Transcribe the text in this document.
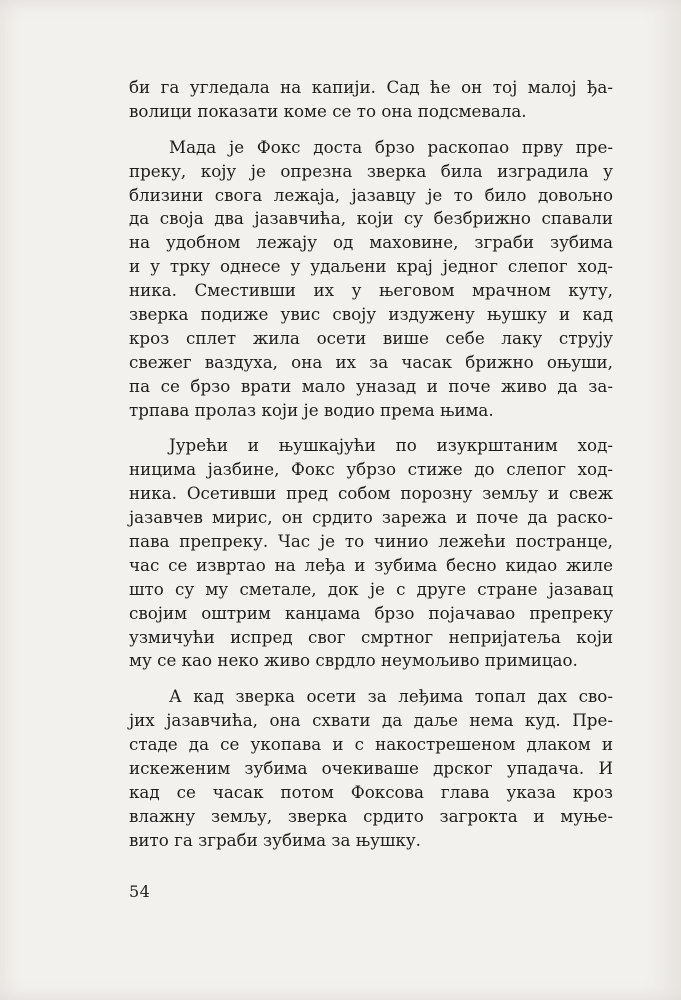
би га угледала на капији. Сад ће он тој малој ђа-
волици показати коме се то она подсмевала.
Мада је Фокс доста брзо раскопао прву пре-
преку, коју је опрезна зверка била изградила у
близини свога лежаја, јазавцу је то било довољно
да своја два јазавчића, који су безбрижно спавали
на удобном лежају од маховине, зграби зубима
и у трку однесе у удаљени крај једног слепог ход-
ника. Сместивши их у његовом мрачном куту,
зверка подиже увис своју издужену њушку и кад
кроз сплет жила осети више себе лаку струју
свежег ваздуха, она их за часак брижно оњуши,
па се брзо врати мало уназад и поче живо да за-
трпава пролаз који је водио према њима.
Јурећи и њушкајући по изукрштаним ход-
ницима јазбине, Фокс убрзо стиже до слепог ход-
ника. Осетивши пред собом порозну земљу и свеж
јазавчев мирис, он срдито зарежа и поче да раско-
пава препреку. Час је то чинио лежећи постранце,
час се извртао на леђа и зубима бесно кидао жиле
што су му сметале, док је с друге стране јазавац
својим оштрим канџама брзо појачавао препреку
узмичући испред свог смртног непријатеља који
му се као неко живо сврдло неумољиво примицао.
А кад зверка осети за леђима топал дах сво-
јих јазавчића, она схвати да даље нема куд. Пре-
стаде да се укопава и с накострешеном длаком и
искеженим зубима очекиваше дрског упадача. И
кад се часак потом Фоксова глава указа кроз
влажну земљу, зверка срдито загрокта и муње-
вито га зграби зубима за њушку.
54
